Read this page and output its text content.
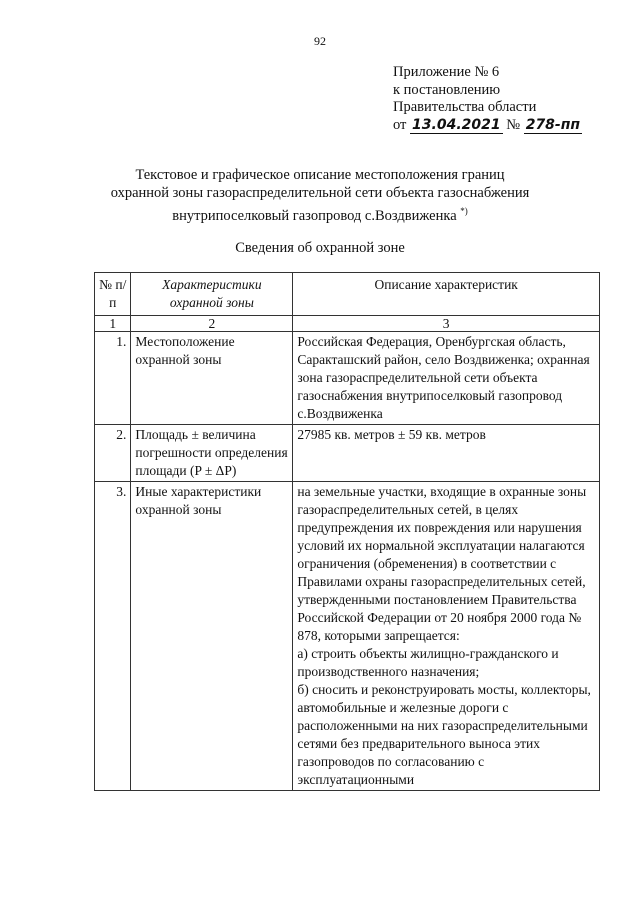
92
Приложение № 6
к постановлению
Правительства области
от 13.04.2021 № 278-пп
Текстовое и графическое описание местоположения границ
охранной зоны газораспределительной сети объекта газоснабжения
внутрипоселковый газопровод с.Воздвиженка *)
Сведения об охранной зоне
№ п/п	Характеристики охранной зоны	Описание характеристик
1	2	3
1.	Местоположение охранной зоны	Российская Федерация, Оренбургская область, Саракташский район, село Воздвиженка; охранная зона газораспределительной сети объекта газоснабжения внутрипоселковый газопровод с.Воздвиженка
2.	Площадь ± величина погрешности определения площади (P ± ΔP)	27985 кв. метров ± 59 кв. метров
3.	Иные характеристики охранной зоны	на земельные участки, входящие в охранные зоны газораспределительных сетей, в целях предупреждения их повреждения или нарушения условий их нормальной эксплуатации налагаются ограничения (обременения) в соответствии с Правилами охраны газораспределительных сетей, утвержденными постановлением Правительства Российской Федерации от 20 ноября 2000 года № 878, которыми запрещается:
а) строить объекты жилищно-гражданского и производственного назначения;
б) сносить и реконструировать мосты, коллекторы, автомобильные и железные дороги с расположенными на них газораспределительными сетями без предварительного выноса этих газопроводов по согласованию с эксплуатационными
